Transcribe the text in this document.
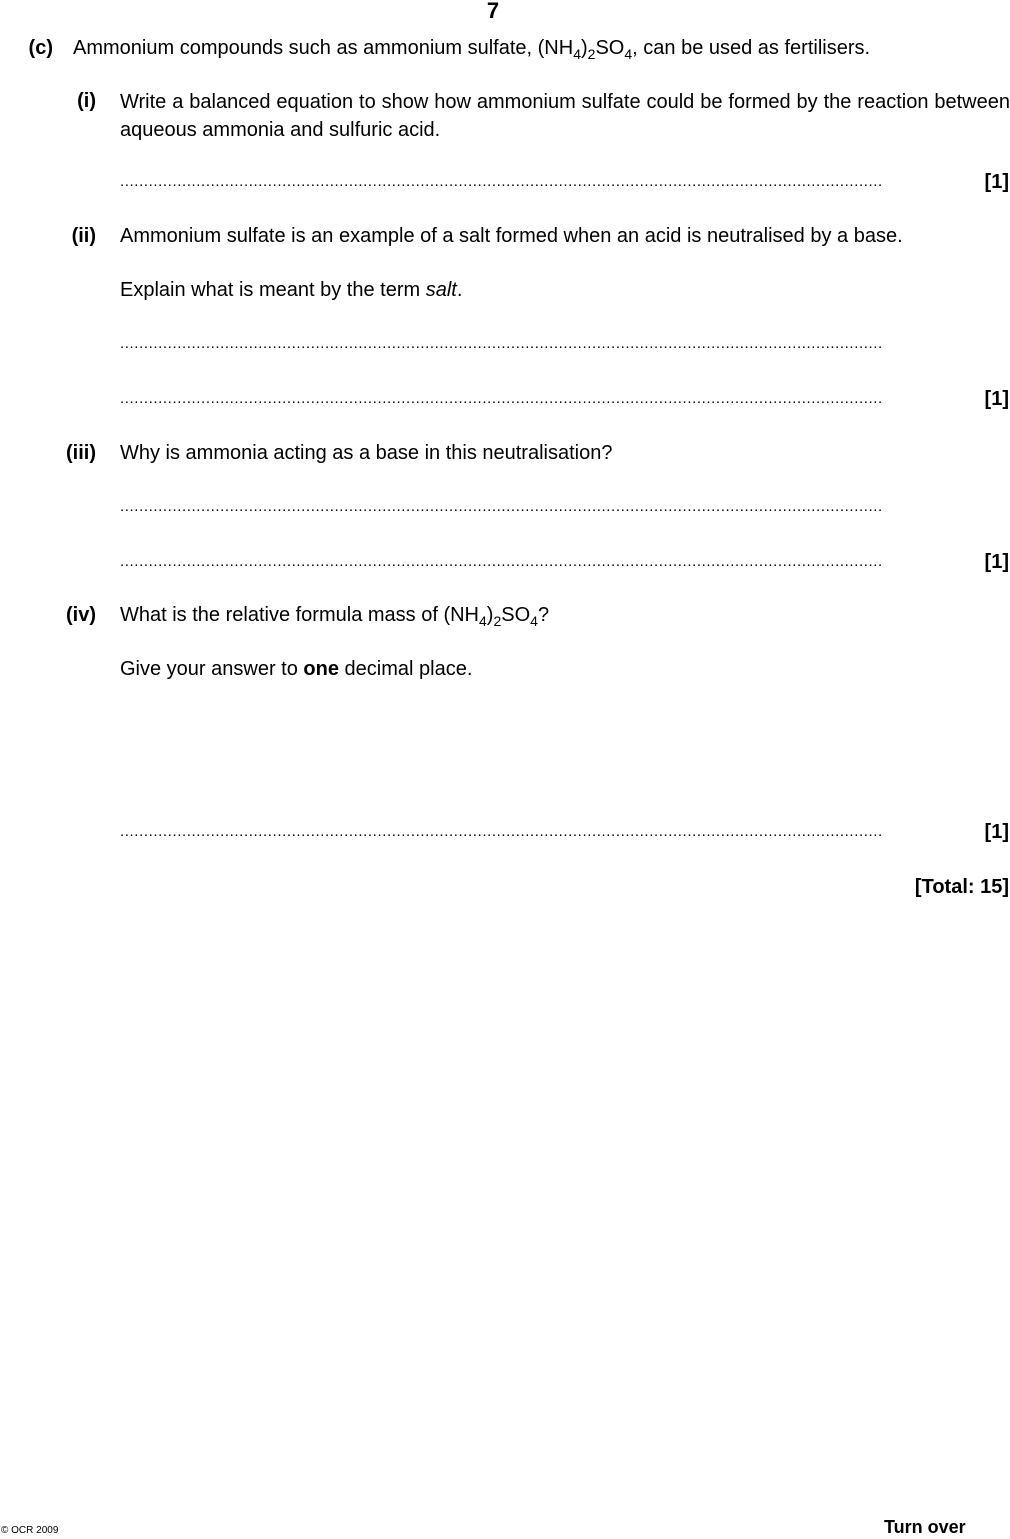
7
(c) Ammonium compounds such as ammonium sulfate, $(NH_4)_2SO_4$, can be used as fertilisers.
(i) Write a balanced equation to show how ammonium sulfate could be formed by the reaction between aqueous ammonia and sulfuric acid.
................................................................................................................................................................	[1]
(ii) Ammonium sulfate is an example of a salt formed when an acid is neutralised by a base.
Explain what is meant by the term salt.
................................................................................................................................................................
................................................................................................................................................................	[1]
(iii) Why is ammonia acting as a base in this neutralisation?
................................................................................................................................................................
................................................................................................................................................................	[1]
(iv) What is the relative formula mass of $(NH_4)_2SO_4$?
Give your answer to one decimal place.
................................................................................................................................................................	[1]
[Total: 15]
© OCR 2009	Turn over
